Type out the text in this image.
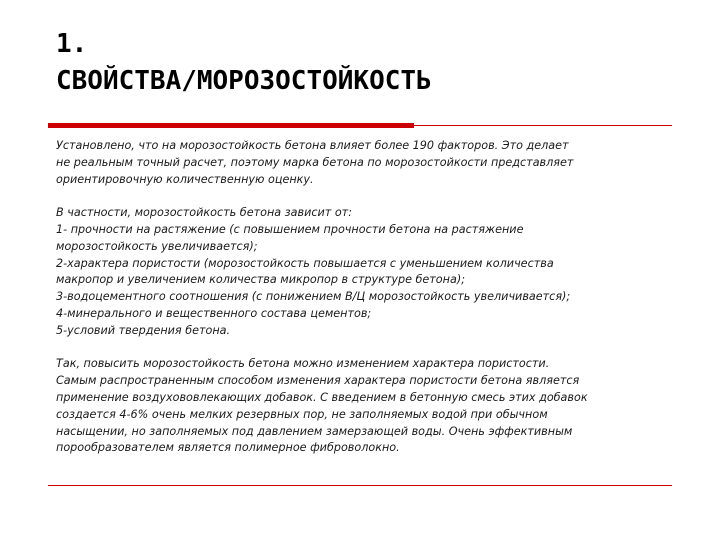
1.
СВОЙСТВА/МОРОЗОСТОЙКОСТЬ

Установлено, что на морозостойкость бетона влияет более 190 факторов. Это делает
не реальным точный расчет, поэтому марка бетона по морозостойкости представляет
ориентировочную количественную оценку.

В частности, морозостойкость бетона зависит от:
1- прочности на растяжение (с повышением прочности бетона на растяжение
морозостойкость увеличивается);
2-характера пористости (морозостойкость повышается с уменьшением количества
макропор и увеличением количества микропор в структуре бетона);
3-водоцементного соотношения (с понижением В/Ц морозостойкость увеличивается);
4-минерального и вещественного состава цементов;
5-условий твердения бетона.

Так, повысить морозостойкость бетона можно изменением характера пористости.
Самым распространенным способом изменения характера пористости бетона является
применение воздухововлекающих добавок. С введением в бетонную смесь этих добавок
создается 4-6% очень мелких резервных пор, не заполняемых водой при обычном
насыщении, но заполняемых под давлением замерзающей воды. Очень эффективным
порообразователем является полимерное фиброволокно.
